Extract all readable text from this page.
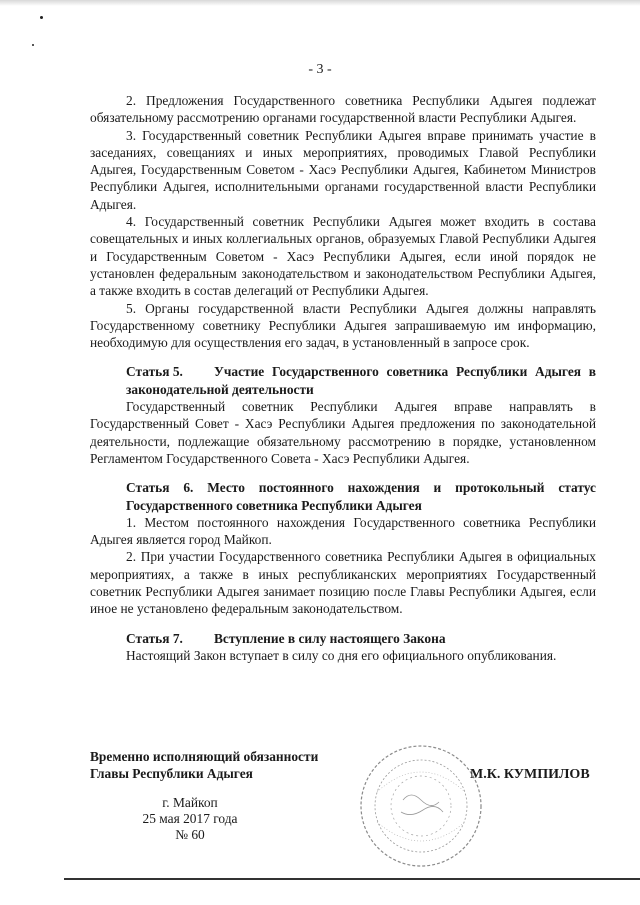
- 3 -

2. Предложения Государственного советника Республики Адыгея подлежат обязательному рассмотрению органами государственной власти Республики Адыгея.

3. Государственный советник Республики Адыгея вправе принимать участие в заседаниях, совещаниях и иных мероприятиях, проводимых Главой Республики Адыгея, Государственным Советом - Хасэ Республики Адыгея, Кабинетом Министров Республики Адыгея, исполнительными органами государственной власти Республики Адыгея.

4. Государственный советник Республики Адыгея может входить в состава совещательных и иных коллегиальных органов, образуемых Главой Республики Адыгея и Государственным Советом - Хасэ Республики Адыгея, если иной порядок не установлен федеральным законодательством и законодательством Республики Адыгея, а также входить в состав делегаций от Республики Адыгея.

5. Органы государственной власти Республики Адыгея должны направлять Государственному советнику Республики Адыгея запрашиваемую им информацию, необходимую для осуществления его задач, в установленный в запросе срок.

Статья 5. Участие Государственного советника Республики Адыгея в законодательной деятельности

Государственный советник Республики Адыгея вправе направлять в Государственный Совет - Хасэ Республики Адыгея предложения по законодательной деятельности, подлежащие обязательному рассмотрению в порядке, установленном Регламентом Государственного Совета - Хасэ Республики Адыгея.

Статья 6. Место постоянного нахождения и протокольный статус Государственного советника Республики Адыгея

1. Местом постоянного нахождения Государственного советника Республики Адыгея является город Майкоп.

2. При участии Государственного советника Республики Адыгея в официальных мероприятиях, а также в иных республиканских мероприятиях Государственный советник Республики Адыгея занимает позицию после Главы Республики Адыгея, если иное не установлено федеральным законодательством.

Статья 7. Вступление в силу настоящего Закона

Настоящий Закон вступает в силу со дня его официального опубликования.

Временно исполняющий обязанности
Главы Республики Адыгея	М.К. КУМПИЛОВ
г. Майкоп
25 мая 2017 года
№ 60
